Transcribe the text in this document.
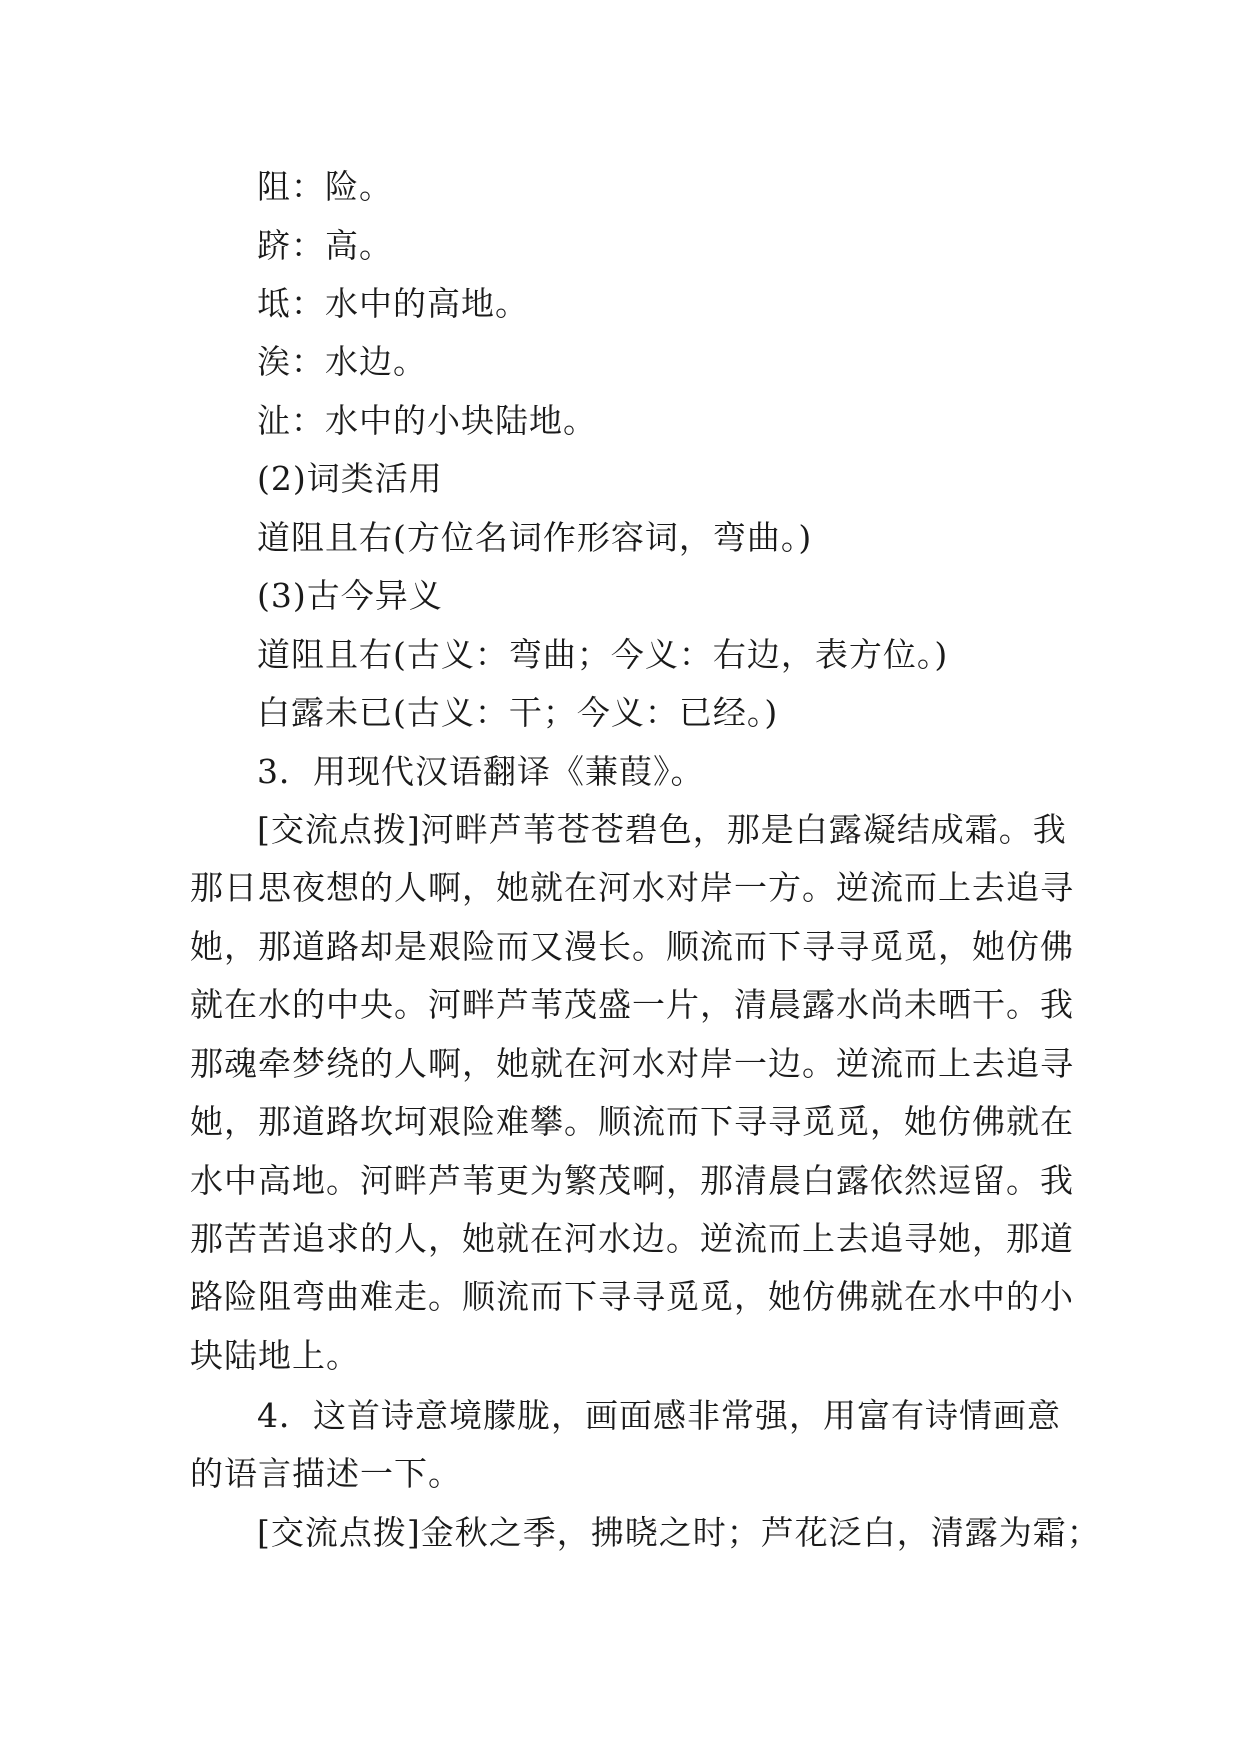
阻：险。
跻：高。
坻：水中的高地。
涘：水边。
沚：水中的小块陆地。
(2)词类活用
道阻且右(方位名词作形容词，弯曲。)
(3)古今异义
道阻且右(古义：弯曲；今义：右边，表方位。)
白露未已(古义：干；今义：已经。)
3．用现代汉语翻译《蒹葭》。
[交流点拨]河畔芦苇苍苍碧色，那是白露凝结成霜。我
那日思夜想的人啊，她就在河水对岸一方。逆流而上去追寻
她，那道路却是艰险而又漫长。顺流而下寻寻觅觅，她仿佛
就在水的中央。河畔芦苇茂盛一片，清晨露水尚未晒干。我
那魂牵梦绕的人啊，她就在河水对岸一边。逆流而上去追寻
她，那道路坎坷艰险难攀。顺流而下寻寻觅觅，她仿佛就在
水中高地。河畔芦苇更为繁茂啊，那清晨白露依然逗留。我
那苦苦追求的人，她就在河水边。逆流而上去追寻她，那道
路险阻弯曲难走。顺流而下寻寻觅觅，她仿佛就在水中的小
块陆地上。
4．这首诗意境朦胧，画面感非常强，用富有诗情画意
的语言描述一下。
[交流点拨]金秋之季，拂晓之时；芦花泛白，清露为霜；
